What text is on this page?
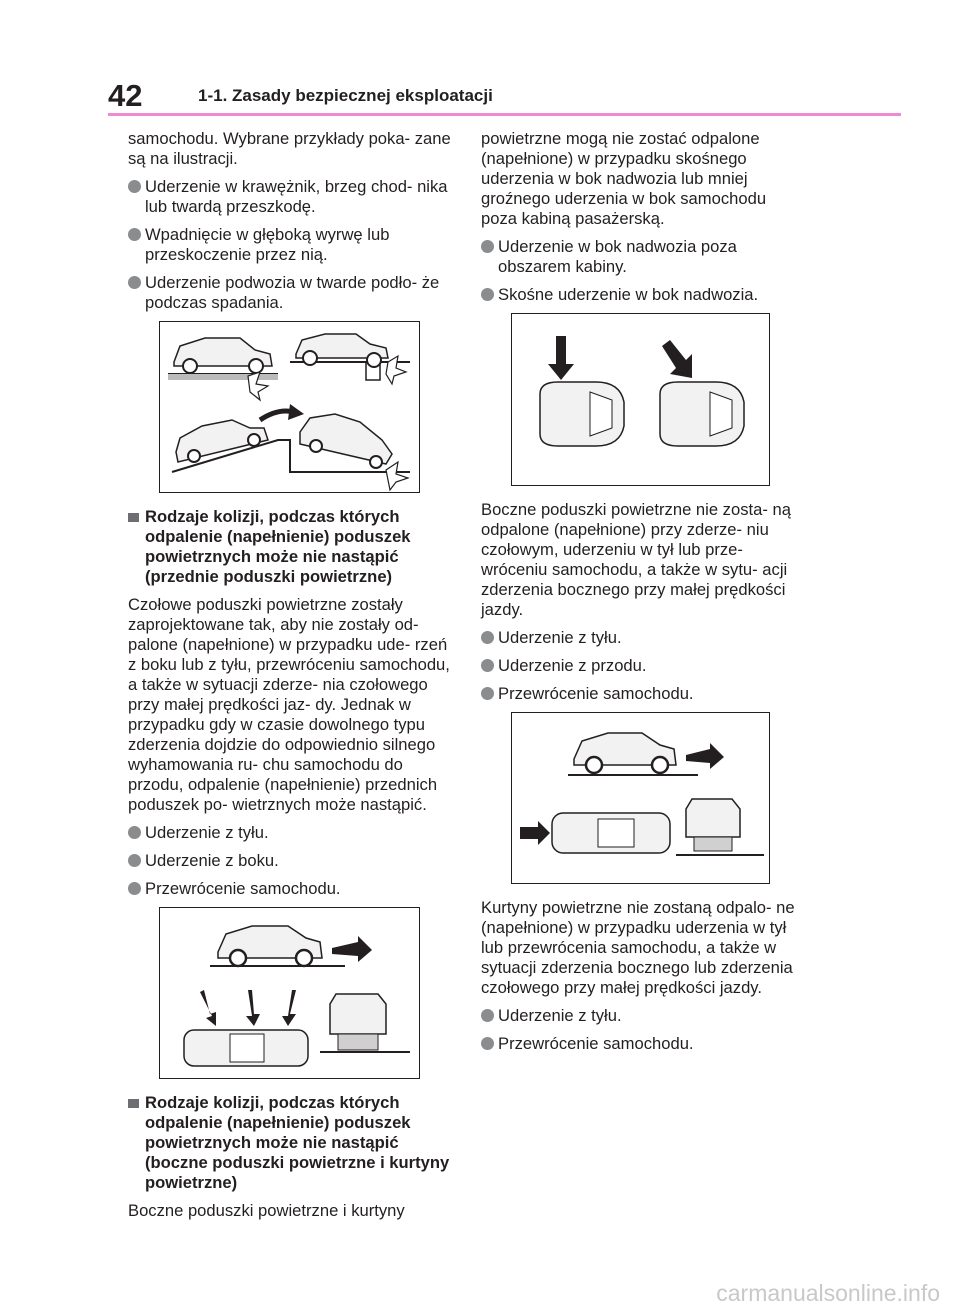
42	1-1. Zasady bezpiecznej eksploatacji

samochodu. Wybrane przykłady poka- zane są na ilustracji.

Uderzenie w krawężnik, brzeg chod- nika lub twardą przeszkodę.
Wpadnięcie w głęboką wyrwę lub przeskoczenie przez nią.
Uderzenie podwozia w twarde podło- że podczas spadania.
Rodzaje kolizji, podczas których odpalenie (napełnienie) poduszek powietrznych może nie nastąpić (przednie poduszki powietrzne)

Czołowe poduszki powietrzne zostały zaprojektowane tak, aby nie zostały od- palone (napełnione) w przypadku ude- rzeń z boku lub z tyłu, przewróceniu samochodu, a także w sytuacji zderze- nia czołowego przy małej prędkości jaz- dy. Jednak w przypadku gdy w czasie dowolnego typu zderzenia dojdzie do odpowiednio silnego wyhamowania ru- chu samochodu do przodu, odpalenie (napełnienie) przednich poduszek po- wietrznych może nastąpić.

Uderzenie z tyłu.
Uderzenie z boku.
Przewrócenie samochodu.
Rodzaje kolizji, podczas których odpalenie (napełnienie) poduszek powietrznych może nie nastąpić (boczne poduszki powietrzne i kurtyny powietrzne)

Boczne poduszki powietrzne i kurtyny

powietrzne mogą nie zostać odpalone (napełnione) w przypadku skośnego uderzenia w bok nadwozia lub mniej groźnego uderzenia w bok samochodu poza kabiną pasażerską.

Uderzenie w bok nadwozia poza obszarem kabiny.
Skośne uderzenie w bok nadwozia.

Boczne poduszki powietrzne nie zosta- ną odpalone (napełnione) przy zderze- niu czołowym, uderzeniu w tył lub prze- wróceniu samochodu, a także w sytu- acji zderzenia bocznego przy małej prędkości jazdy.

Uderzenie z tyłu.
Uderzenie z przodu.
Przewrócenie samochodu.

Kurtyny powietrzne nie zostaną odpalo- ne (napełnione) w przypadku uderzenia w tył lub przewrócenia samochodu, a także w sytuacji zderzenia bocznego lub zderzenia czołowego przy małej prędkości jazdy.

Uderzenie z tyłu.
Przewrócenie samochodu.
carmanualsonline.info
